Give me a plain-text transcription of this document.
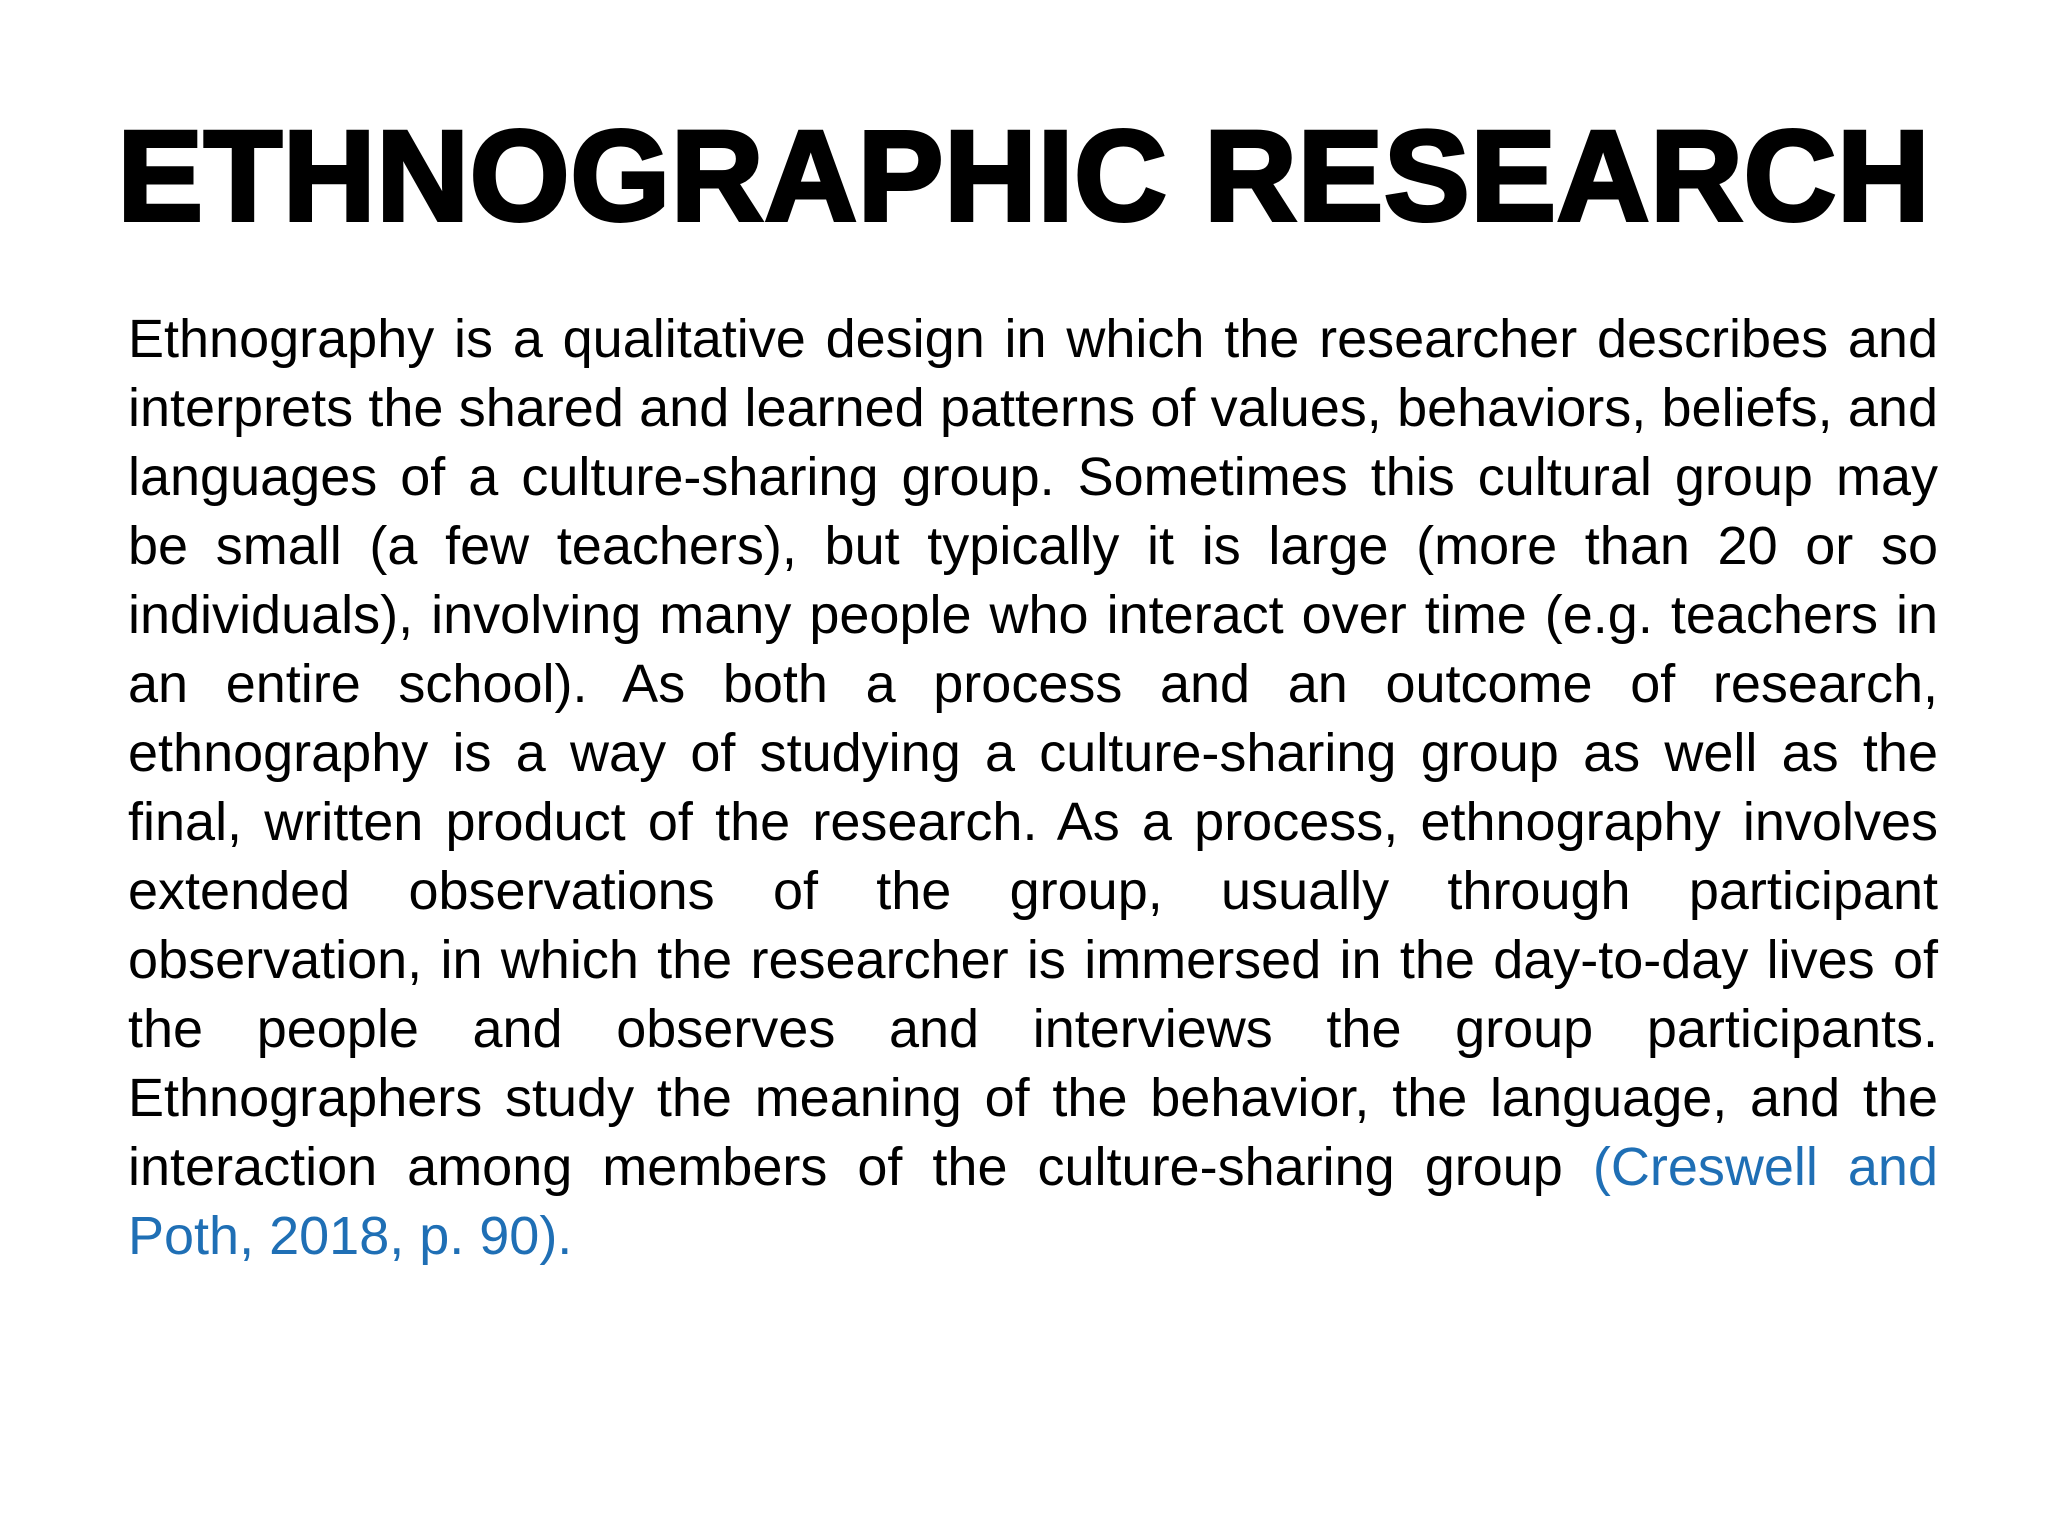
ETHNOGRAPHIC RESEARCH
Ethnography is a qualitative design in which the researcher describes and interprets the shared and learned patterns of values, behaviors, beliefs, and languages of a culture-sharing group. Sometimes this cultural group may be small (a few teachers), but typically it is large (more than 20 or so individuals), involving many people who interact over time (e.g. teachers in an entire school). As both a process and an outcome of research, ethnography is a way of studying a culture-sharing group as well as the final, written product of the research. As a process, ethnography involves extended observations of the group, usually through participant observation, in which the researcher is immersed in the day-to-day lives of the people and observes and interviews the group participants. Ethnographers study the meaning of the behavior, the language, and the interaction among members of the culture-sharing group (Creswell and Poth, 2018, p. 90).
